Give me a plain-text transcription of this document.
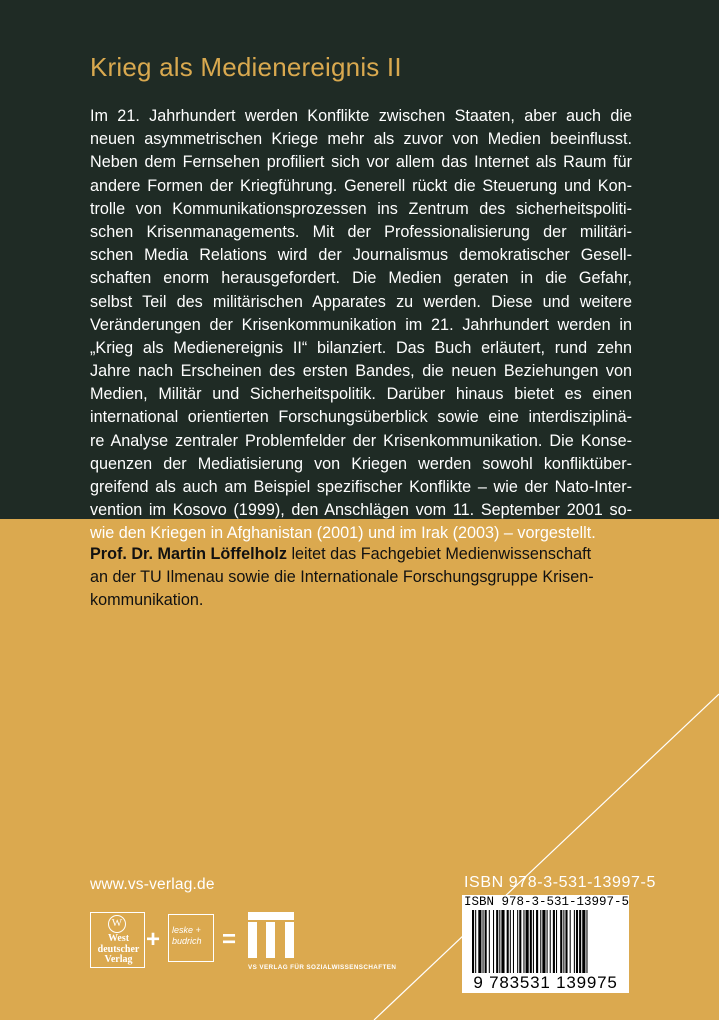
Krieg als Medienereignis II
Im 21. Jahrhundert werden Konflikte zwischen Staaten, aber auch die
neuen asymmetrischen Kriege mehr als zuvor von Medien beeinflusst.
Neben dem Fernsehen profiliert sich vor allem das Internet als Raum für
andere Formen der Kriegführung. Generell rückt die Steuerung und Kon-
trolle von Kommunikationsprozessen ins Zentrum des sicherheitspoliti-
schen Krisenmanagements. Mit der Professionalisierung der militäri-
schen Media Relations wird der Journalismus demokratischer Gesell-
schaften enorm herausgefordert. Die Medien geraten in die Gefahr,
selbst Teil des militärischen Apparates zu werden. Diese und weitere
Veränderungen der Krisenkommunikation im 21. Jahrhundert werden in
„Krieg als Medienereignis II“ bilanziert. Das Buch erläutert, rund zehn
Jahre nach Erscheinen des ersten Bandes, die neuen Beziehungen von
Medien, Militär und Sicherheitspolitik. Darüber hinaus bietet es einen
international orientierten Forschungsüberblick sowie eine interdisziplinä-
re Analyse zentraler Problemfelder der Krisenkommunikation. Die Konse-
quenzen der Mediatisierung von Kriegen werden sowohl konfliktüber-
greifend als auch am Beispiel spezifischer Konflikte – wie der Nato-Inter-
vention im Kosovo (1999), den Anschlägen vom 11. September 2001 so-
wie den Kriegen in Afghanistan (2001) und im Irak (2003) – vorgestellt.
Prof. Dr. Martin Löffelholz leitet das Fachgebiet Medienwissenschaft
an der TU Ilmenau sowie die Internationale Forschungsgruppe Krisen-
kommunikation.
www.vs-verlag.de
W
West deutscher Verlag
+ leske + budrich =
VS VERLAG FÜR SOZIALWISSENSCHAFTEN
ISBN 978-3-531-13997-5
ISBN 978-3-531-13997-5
9 783531 139975
